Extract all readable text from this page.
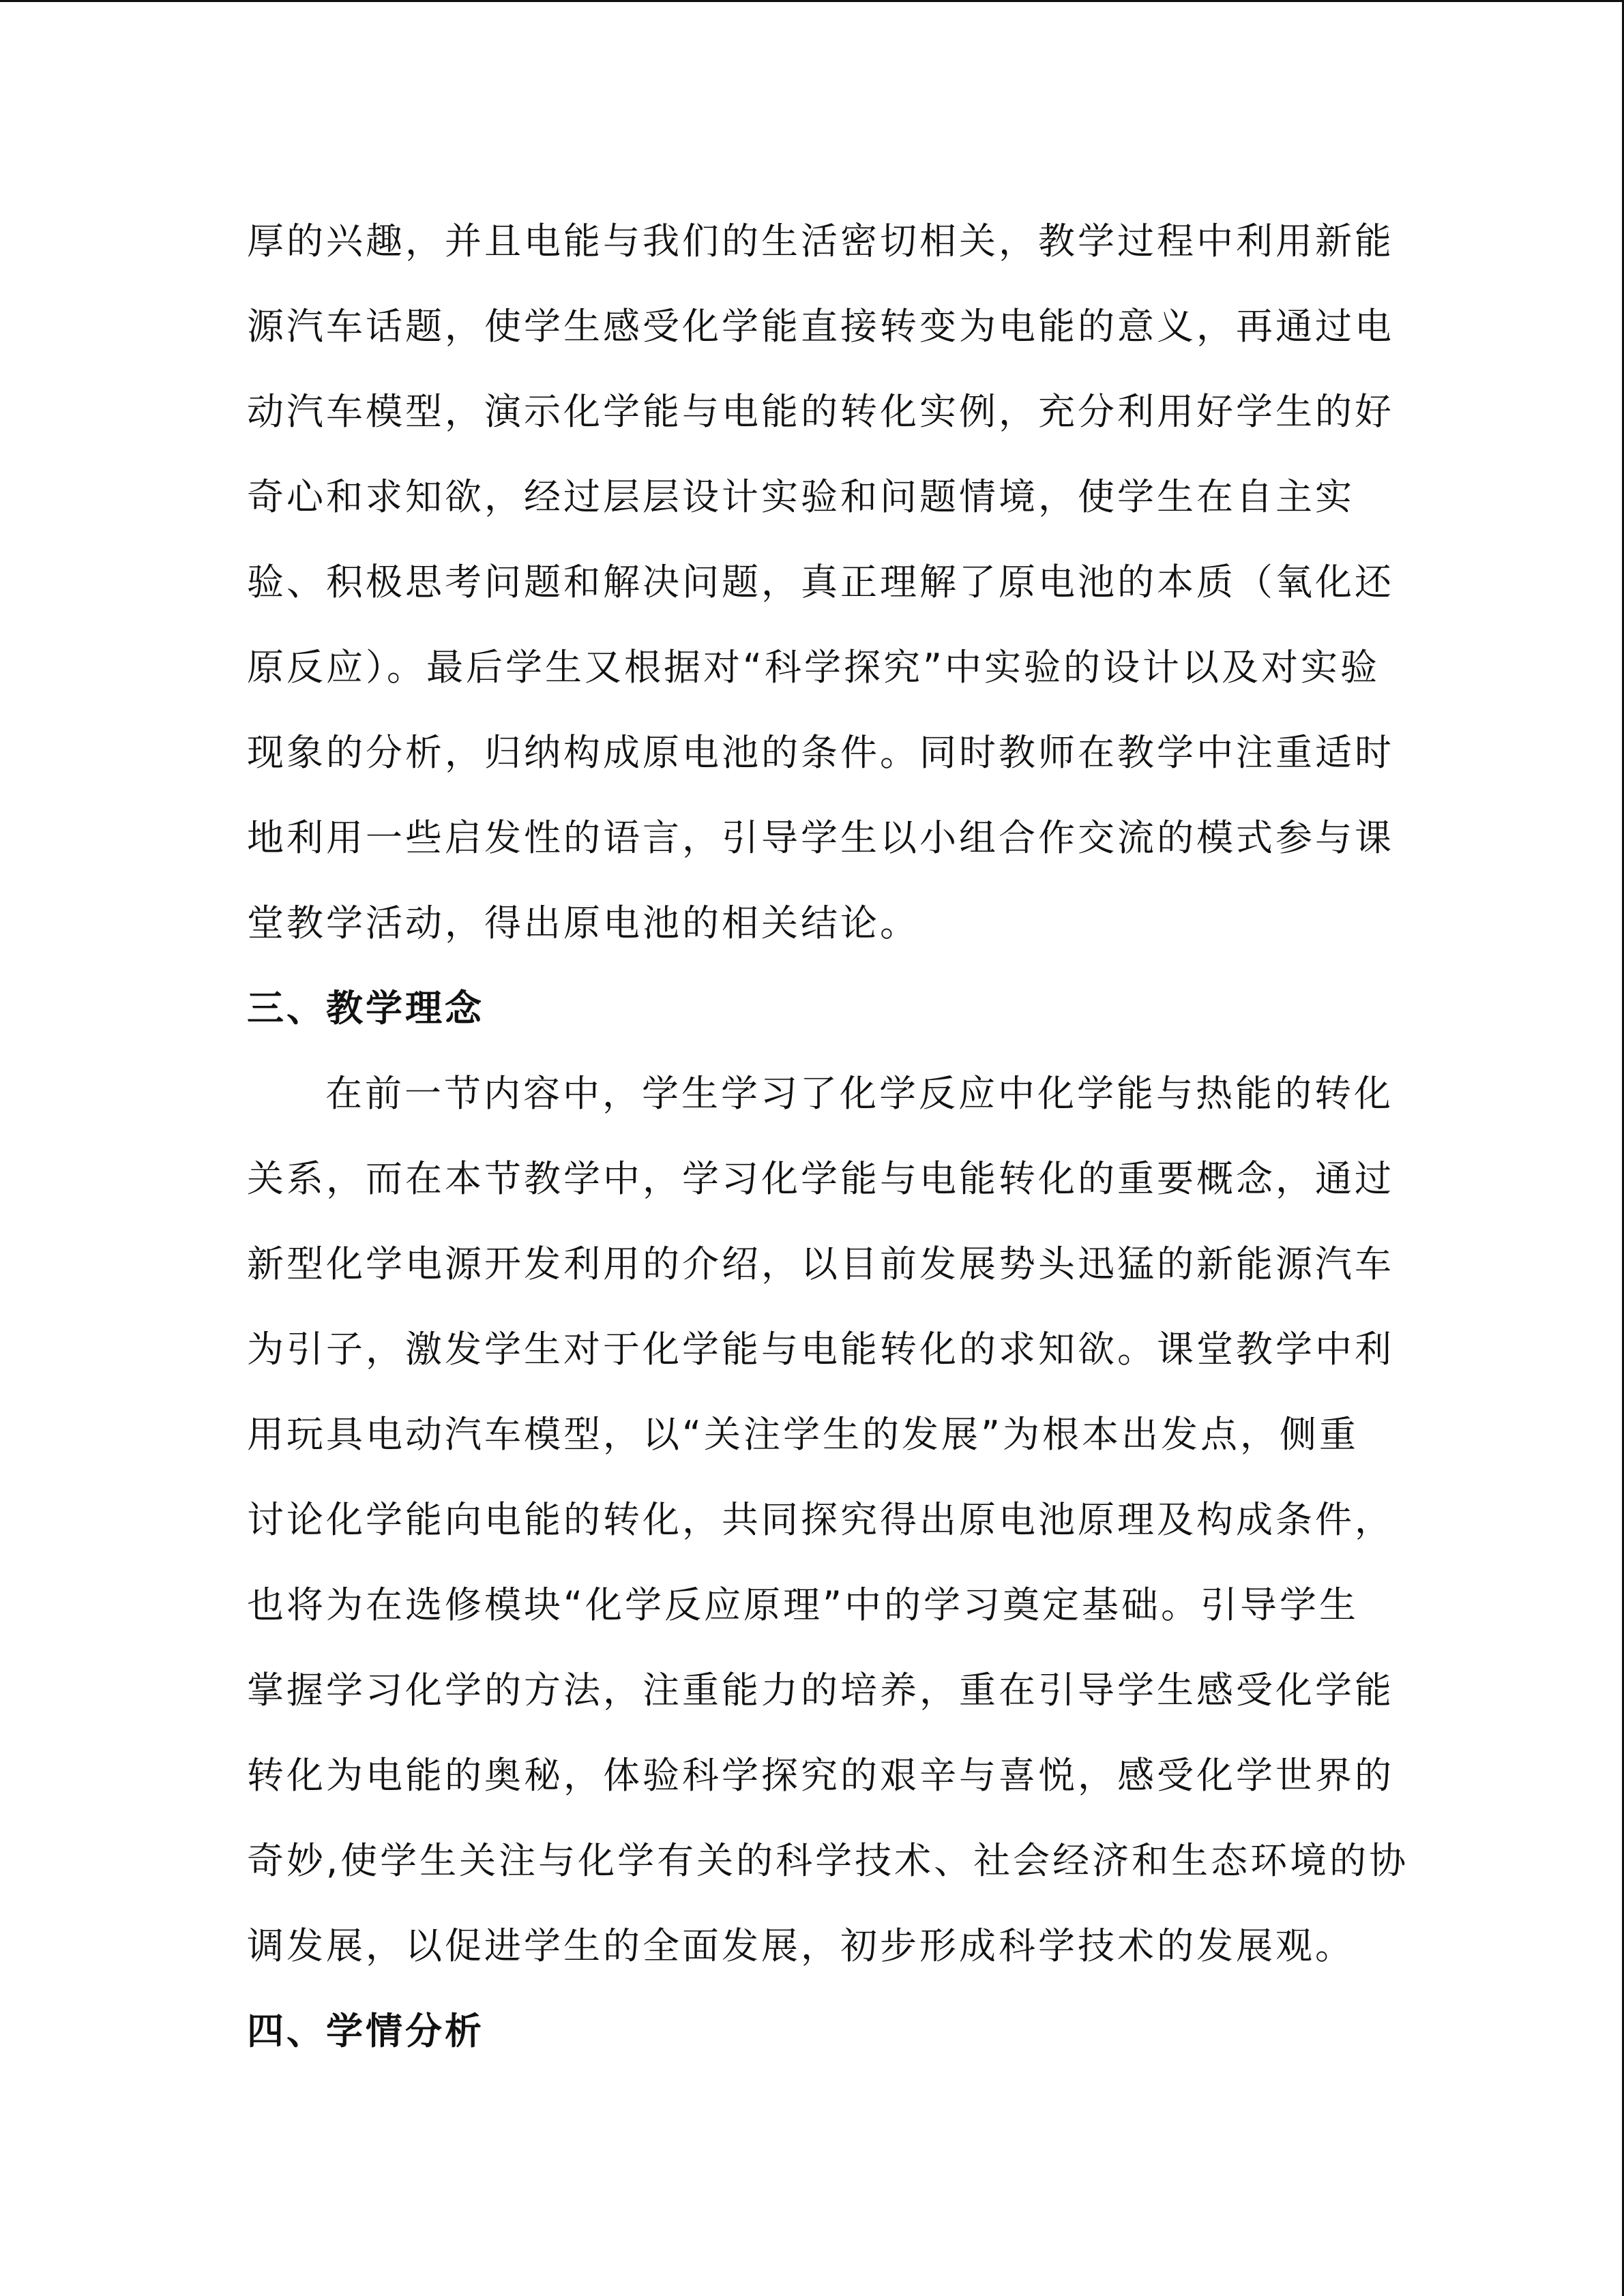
厚的兴趣，并且电能与我们的生活密切相关，教学过程中利用新能
源汽车话题，使学生感受化学能直接转变为电能的意义，再通过电
动汽车模型，演示化学能与电能的转化实例，充分利用好学生的好
奇心和求知欲，经过层层设计实验和问题情境，使学生在自主实
验、积极思考问题和解决问题，真正理解了原电池的本质（氧化还
原反应）。最后学生又根据对“科学探究”中实验的设计以及对实验
现象的分析，归纳构成原电池的条件。同时教师在教学中注重适时
地利用一些启发性的语言，引导学生以小组合作交流的模式参与课
堂教学活动，得出原电池的相关结论。
三、教学理念
在前一节内容中，学生学习了化学反应中化学能与热能的转化
关系，而在本节教学中，学习化学能与电能转化的重要概念，通过
新型化学电源开发利用的介绍，以目前发展势头迅猛的新能源汽车
为引子，激发学生对于化学能与电能转化的求知欲。课堂教学中利
用玩具电动汽车模型，以“关注学生的发展”为根本出发点，侧重
讨论化学能向电能的转化，共同探究得出原电池原理及构成条件，
也将为在选修模块“化学反应原理”中的学习奠定基础。引导学生
掌握学习化学的方法，注重能力的培养，重在引导学生感受化学能
转化为电能的奥秘，体验科学探究的艰辛与喜悦，感受化学世界的
奇妙,使学生关注与化学有关的科学技术、社会经济和生态环境的协
调发展，以促进学生的全面发展，初步形成科学技术的发展观。
四、学情分析
